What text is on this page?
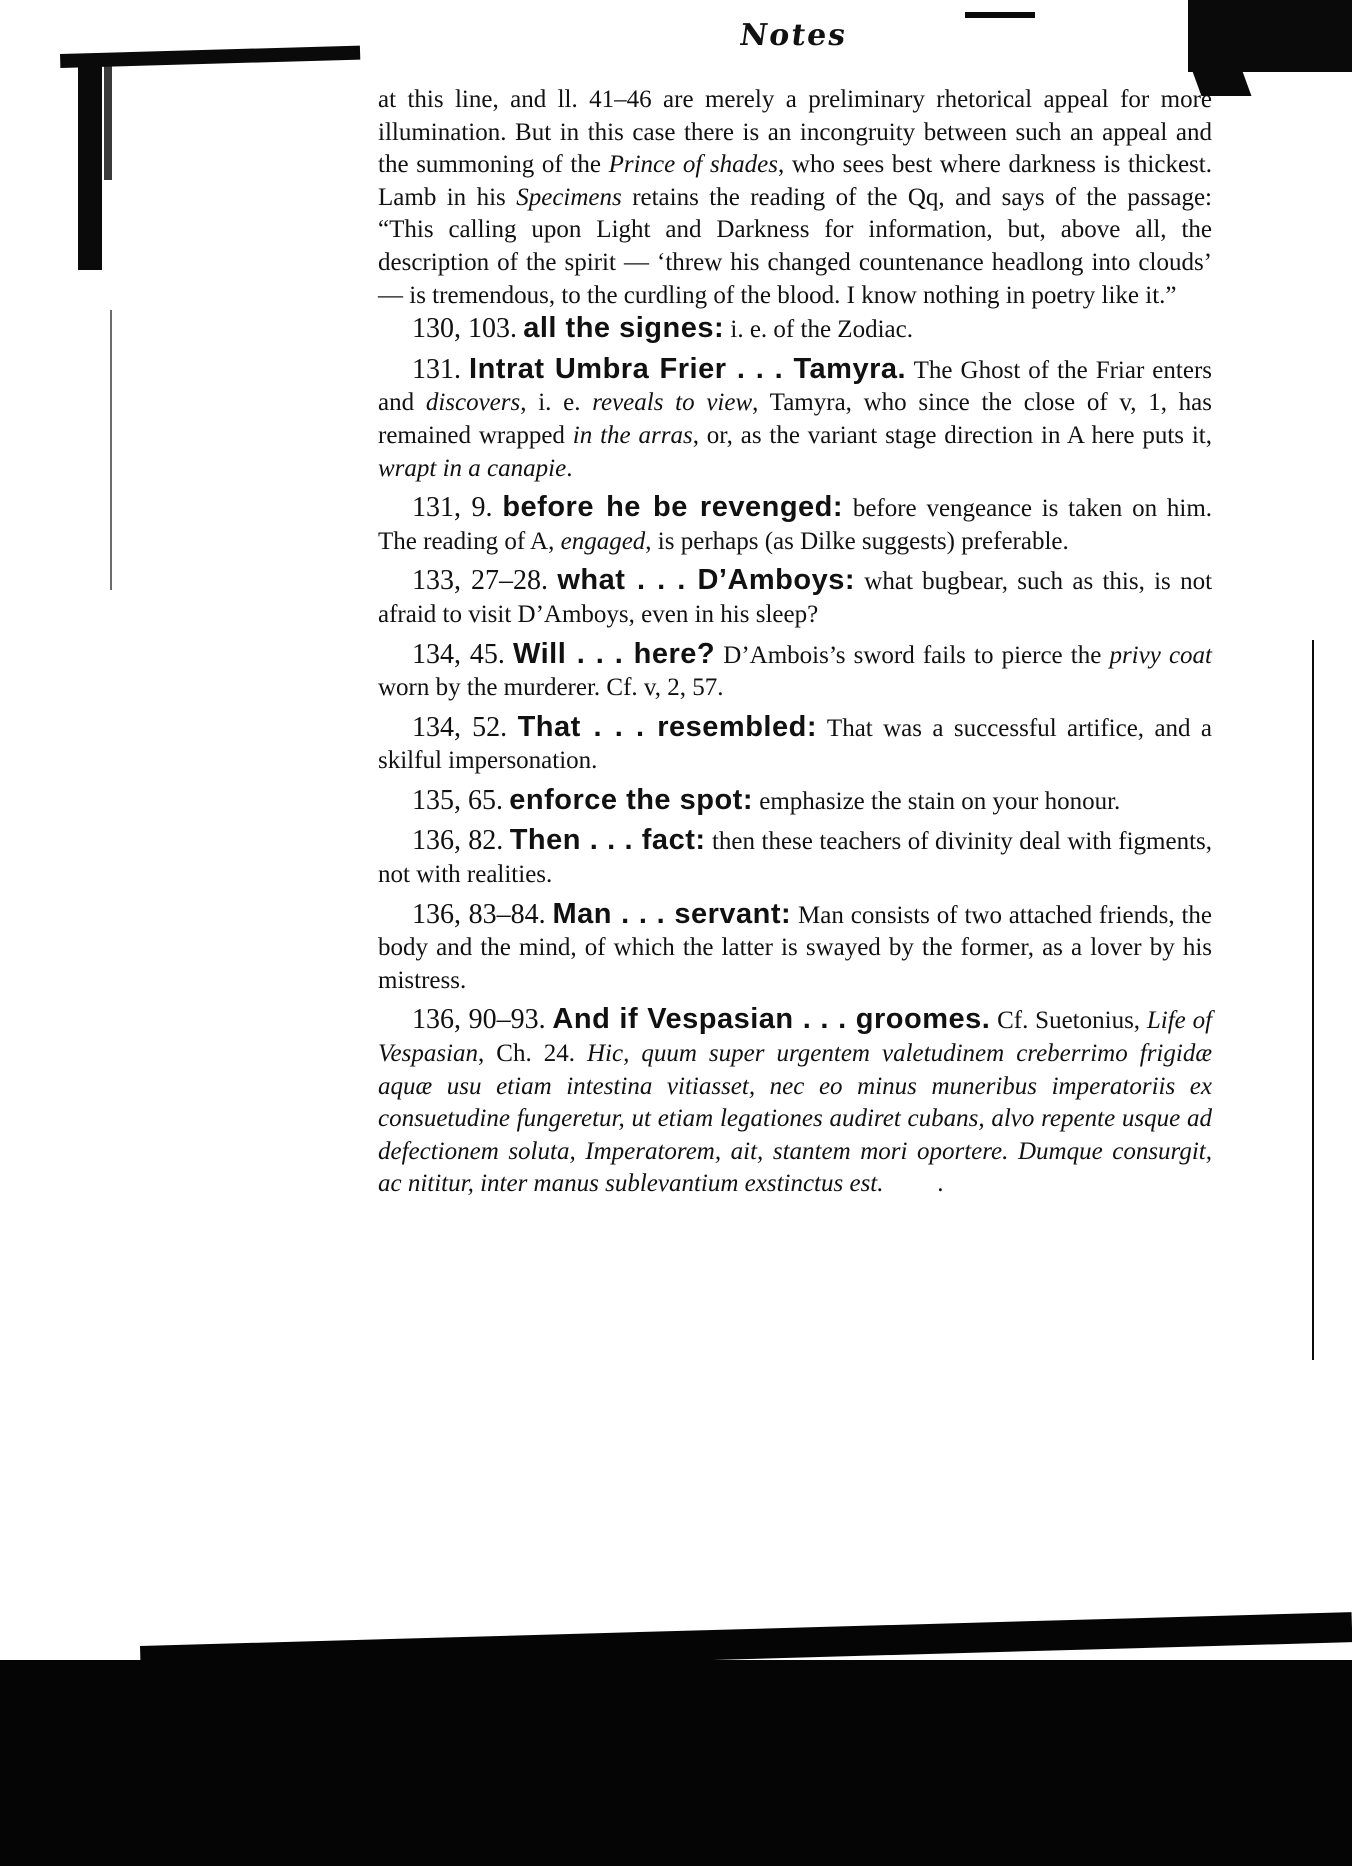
Notes

at this line, and ll. 41–46 are merely a preliminary rhetorical appeal for more illumination. But in this case there is an incongruity between such an appeal and the summoning of the Prince of shades, who sees best where darkness is thickest. Lamb in his Specimens retains the reading of the Qq, and says of the passage: “This calling upon Light and Darkness for information, but, above all, the description of the spirit — ‘threw his changed countenance headlong into clouds’ — is tremendous, to the curdling of the blood. I know nothing in poetry like it.”

130, 103. all the signes: i. e. of the Zodiac.

131. Intrat Umbra Frier . . . Tamyra. The Ghost of the Friar enters and discovers, i. e. reveals to view, Tamyra, who since the close of v, 1, has remained wrapped in the arras, or, as the variant stage direction in A here puts it, wrapt in a canapie.

131, 9. before he be revenged: before vengeance is taken on him. The reading of A, engaged, is perhaps (as Dilke suggests) preferable.

133, 27–28. what . . . D’Amboys: what bugbear, such as this, is not afraid to visit D’Amboys, even in his sleep?

134, 45. Will . . . here? D’Ambois’s sword fails to pierce the privy coat worn by the murderer. Cf. v, 2, 57.

134, 52. That . . . resembled: That was a successful artifice, and a skilful impersonation.

135, 65. enforce the spot: emphasize the stain on your honour.

136, 82. Then . . . fact: then these teachers of divinity deal with figments, not with realities.

136, 83–84. Man . . . servant: Man consists of two attached friends, the body and the mind, of which the latter is swayed by the former, as a lover by his mistress.

136, 90–93. And if Vespasian . . . groomes. Cf. Suetonius, Life of Vespasian, Ch. 24. Hic, quum super urgentem valetudinem creberrimo frigidæ aquæ usu etiam intestina vitiasset, nec eo minus muneribus imperatoriis ex consuetudine fungeretur, ut etiam legationes audiret cubans, alvo repente usque ad defectionem soluta, Imperatorem, ait, stantem mori oportere. Dumque consurgit, ac nititur, inter manus sublevantium exstinctus est. .
